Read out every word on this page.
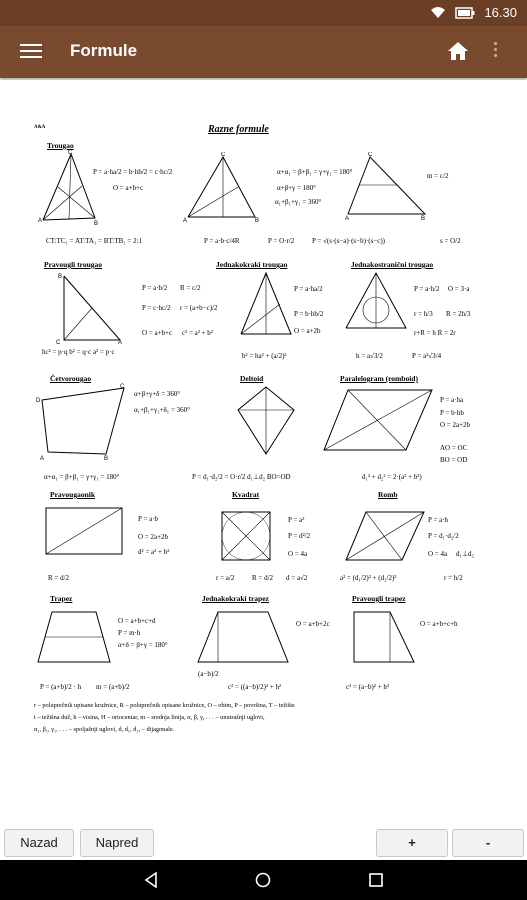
16.30
Formule
A&A	Razne formule
Trougao
C
A	B
P = a·ha/2 = b·hb/2 = c·hc/2
O = a+b+c
C
A	B
α+α₁ = β+β₁ = γ+γ₁ = 180°
α+β+γ = 180°
α₁+β₁+γ₁ = 360°
C
A	B
m = c/2
CT:TC₁ = AT:TA₁ = BT:TB₁ = 2:1	P = a·b·c/4R	P = O·r/2	P = √(s·(s−a)·(s−b)·(s−c))	s = O/2
Pravougli trougao
B
C	A
P = a·b/2 R = c/2
P = c·hc/2 r = (a+b−c)/2
O = a+b+c c² = a² + b²
hc² = p·q b² = q·c a² = p·c
Jednakokraki trougao
P = a·ha/2
P = b·hb/2
O = a+2b
b² = ha² + (a/2)²
Jednakostranični trougao
P = a·h/2 O = 3·a
r = h/3 R = 2h/3
r+R = h R = 2r
h = a√3/2	P = a²√3/4
Četvorougao
D
C
A	B
α+β+γ+δ = 360°
α₁+β₁+γ₁+δ₁ = 360°
α+α₁ = β+β₁ = γ+γ₁ = 180°
Deltoid
P = d₁·d₂/2 = O·r/2 d₁⊥d₂ BO=OD
Paralelogram (romboid)
P = a·ha
P = b·hb
O = 2a+2b
AO = OC
BO = OD
d₁² + d₂² = 2·(a² + b²)
Pravougaonik
P = a·b
O = 2a+2b
d² = a² + b²
R = d/2
Kvadrat
P = a²
P = d²/2
O = 4a
r = a/2	R = d/2 d = a√2
Romb
P = a·h
P = d₁·d₂/2
O = 4a d₁⊥d₂
a² = (d₁/2)² + (d₂/2)²	r = h/2
Trapez
O = a+b+c+d
P = m·h
α+δ = β+γ = 180°
P = (a+b)/2 · h m = (a+b)/2
Jednakokraki trapez
O = a+b+2c
(a−b)/2
c² = ((a−b)/2)² + h²
Pravougli trapez
O = a+b+c+h
c² = (a−b)² + h²
r – poluprečnik upisane kružnice, R – poluprečnik opisane kružnice, O – obim, P – površina, T – težište
t – težišna duž, h – visina, H – ortocentar, m – srednja linija, α, β, γ, . . . – unutrašnji uglovi,
α₁, β₁, γ₁, . . . – spoljašnji uglovi, d, d₁, d₂, – dijagonale.
Nazad	Napred	+	-
